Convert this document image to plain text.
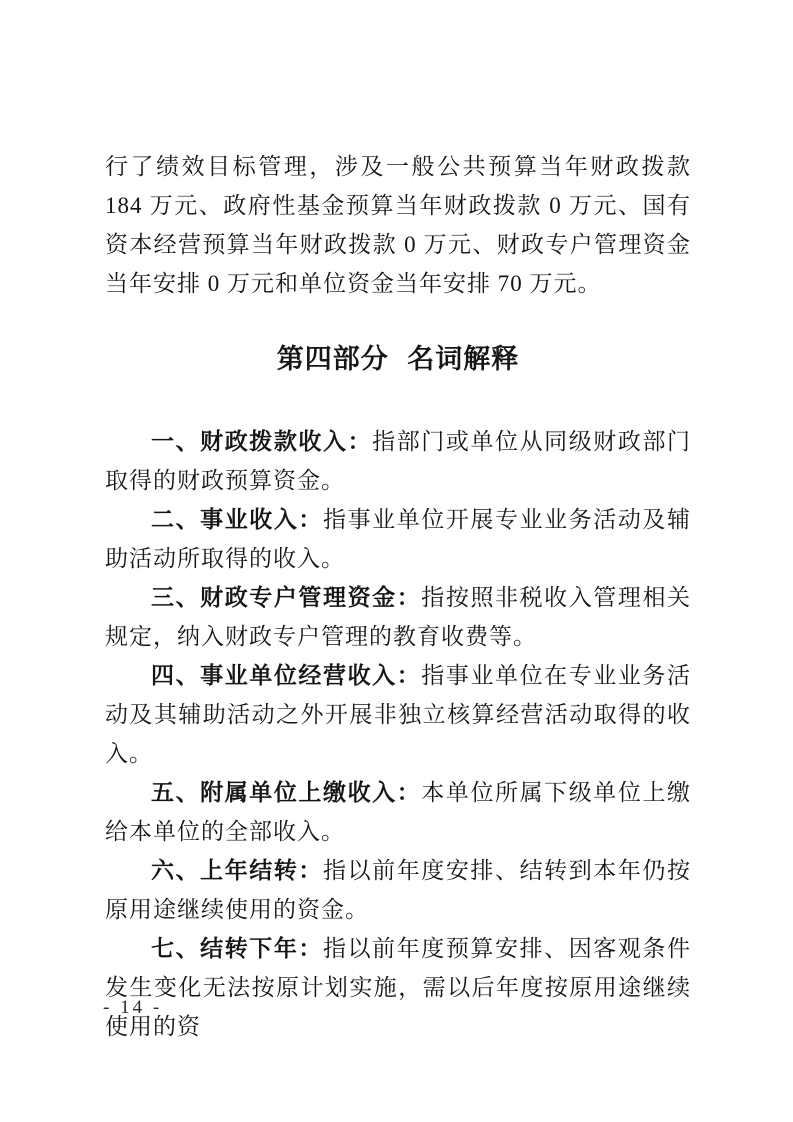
行了绩效目标管理，涉及一般公共预算当年财政拨款 184 万元、政府性基金预算当年财政拨款 0 万元、国有资本经营预算当年财政拨款 0 万元、财政专户管理资金当年安排 0 万元和单位资金当年安排 70 万元。

第四部分 名词解释

一、财政拨款收入：指部门或单位从同级财政部门取得的财政预算资金。

二、事业收入：指事业单位开展专业业务活动及辅助活动所取得的收入。

三、财政专户管理资金：指按照非税收入管理相关规定，纳入财政专户管理的教育收费等。

四、事业单位经营收入：指事业单位在专业业务活动及其辅助活动之外开展非独立核算经营活动取得的收入。

五、附属单位上缴收入：本单位所属下级单位上缴给本单位的全部收入。

六、上年结转：指以前年度安排、结转到本年仍按原用途继续使用的资金。

七、结转下年：指以前年度预算安排、因客观条件发生变化无法按原计划实施，需以后年度按原用途继续使用的资

- 14 -
